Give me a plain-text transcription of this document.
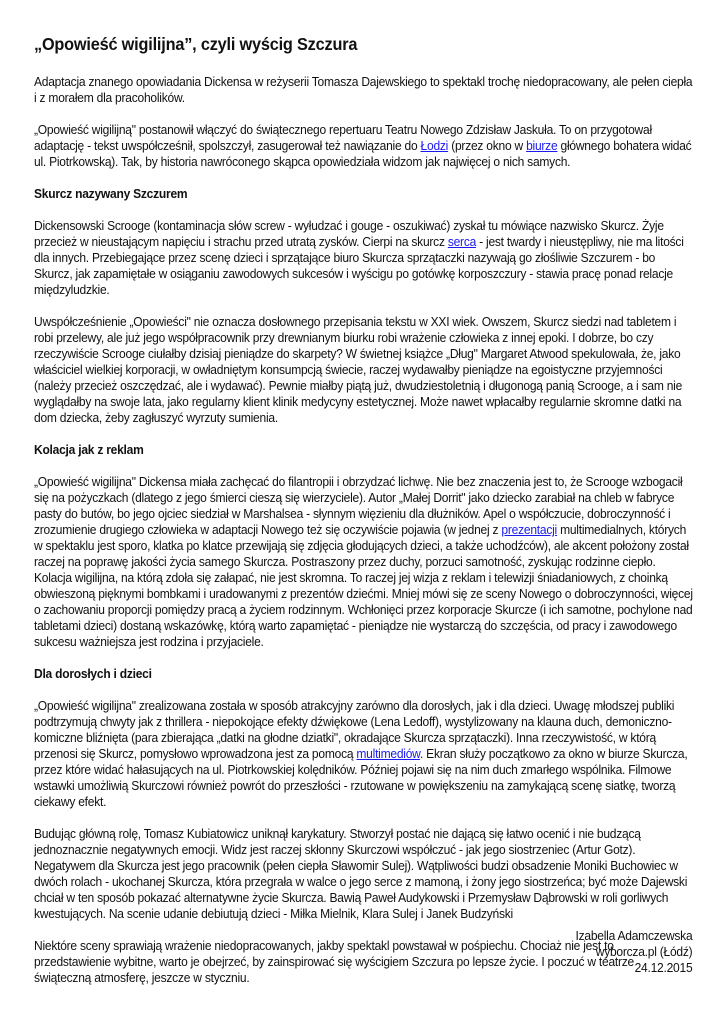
„Opowieść wigilijna”, czyli wyścig Szczura

Adaptacja znanego opowiadania Dickensa w reżyserii Tomasza Dajewskiego to spektakl trochę niedopracowany, ale pełen ciepła i z morałem dla pracoholików.

„Opowieść wigilijną" postanowił włączyć do świątecznego repertuaru Teatru Nowego Zdzisław Jaskuła. To on przygotował adaptację - tekst uwspółcześnił, spolszczył, zasugerował też nawiązanie do Łodzi (przez okno w biurze głównego bohatera widać ul. Piotrkowską). Tak, by historia nawróconego skąpca opowiedziała widzom jak najwięcej o nich samych.

Skurcz nazywany Szczurem

Dickensowski Scrooge (kontaminacja słów screw - wyłudzać i gouge - oszukiwać) zyskał tu mówiące nazwisko Skurcz. Żyje przecież w nieustającym napięciu i strachu przed utratą zysków. Cierpi na skurcz serca - jest twardy i nieustępliwy, nie ma litości dla innych. Przebiegające przez scenę dzieci i sprzątające biuro Skurcza sprzątaczki nazywają go złośliwie Szczurem - bo Skurcz, jak zapamiętałe w osiąganiu zawodowych sukcesów i wyścigu po gotówkę korposzczury - stawia pracę ponad relacje międzyludzkie.

Uwspółcześnienie „Opowieści" nie oznacza dosłownego przepisania tekstu w XXI wiek. Owszem, Skurcz siedzi nad tabletem i robi przelewy, ale już jego współpracownik przy drewnianym biurku robi wrażenie człowieka z innej epoki. I dobrze, bo czy rzeczywiście Scrooge ciułałby dzisiaj pieniądze do skarpety? W świetnej książce „Dług" Margaret Atwood spekulowała, że, jako właściciel wielkiej korporacji, w owładniętym konsumpcją świecie, raczej wydawałby pieniądze na egoistyczne przyjemności (należy przecież oszczędzać, ale i wydawać). Pewnie miałby piątą już, dwudziestoletnią i długonogą panią Scrooge, a i sam nie wyglądałby na swoje lata, jako regularny klient klinik medycyny estetycznej. Może nawet wpłacałby regularnie skromne datki na dom dziecka, żeby zagłuszyć wyrzuty sumienia.

Kolacja jak z reklam

„Opowieść wigilijna" Dickensa miała zachęcać do filantropii i obrzydzać lichwę. Nie bez znaczenia jest to, że Scrooge wzbogacił się na pożyczkach (dlatego z jego śmierci cieszą się wierzyciele). Autor „Małej Dorrit" jako dziecko zarabiał na chleb w fabryce pasty do butów, bo jego ojciec siedział w Marshalsea - słynnym więzieniu dla dłużników. Apel o współczucie, dobroczynność i zrozumienie drugiego człowieka w adaptacji Nowego też się oczywiście pojawia (w jednej z prezentacji multimedialnych, których w spektaklu jest sporo, klatka po klatce przewijają się zdjęcia głodujących dzieci, a także uchodźców), ale akcent położony został raczej na poprawę jakości życia samego Skurcza. Postraszony przez duchy, porzuci samotność, zyskując rodzinne ciepło. Kolacja wigilijna, na którą zdoła się załapać, nie jest skromna. To raczej jej wizja z reklam i telewizji śniadaniowych, z choinką obwieszoną pięknymi bombkami i uradowanymi z prezentów dziećmi. Mniej mówi się ze sceny Nowego o dobroczynności, więcej o zachowaniu proporcji pomiędzy pracą a życiem rodzinnym. Wchłonięci przez korporacje Skurcze (i ich samotne, pochylone nad tabletami dzieci) dostaną wskazówkę, którą warto zapamiętać - pieniądze nie wystarczą do szczęścia, od pracy i zawodowego sukcesu ważniejsza jest rodzina i przyjaciele.

Dla dorosłych i dzieci

„Opowieść wigilijna" zrealizowana została w sposób atrakcyjny zarówno dla dorosłych, jak i dla dzieci. Uwagę młodszej publiki podtrzymują chwyty jak z thrillera - niepokojące efekty dźwiękowe (Lena Ledoff), wystylizowany na klauna duch, demoniczno-komiczne bliźnięta (para zbierająca „datki na głodne dziatki", okradające Skurcza sprzątaczki). Inna rzeczywistość, w którą przenosi się Skurcz, pomysłowo wprowadzona jest za pomocą multimediów. Ekran służy początkowo za okno w biurze Skurcza, przez które widać hałasujących na ul. Piotrkowskiej kolędników. Później pojawi się na nim duch zmarłego wspólnika. Filmowe wstawki umożliwią Skurczowi również powrót do przeszłości - rzutowane w powiększeniu na zamykającą scenę siatkę, tworzą ciekawy efekt.

Budując główną rolę, Tomasz Kubiatowicz uniknął karykatury. Stworzył postać nie dającą się łatwo ocenić i nie budzącą jednoznacznie negatywnych emocji. Widz jest raczej skłonny Skurczowi współczuć - jak jego siostrzeniec (Artur Gotz). Negatywem dla Skurcza jest jego pracownik (pełen ciepła Sławomir Sulej). Wątpliwości budzi obsadzenie Moniki Buchowiec w dwóch rolach - ukochanej Skurcza, która przegrała w walce o jego serce z mamoną, i żony jego siostrzeńca; być może Dajewski chciał w ten sposób pokazać alternatywne życie Skurcza. Bawią Paweł Audykowski i Przemysław Dąbrowski w roli gorliwych kwestujących. Na scenie udanie debiutują dzieci - Miłka Mielnik, Klara Sulej i Janek Budzyński

Niektóre sceny sprawiają wrażenie niedopracowanych, jakby spektakl powstawał w pośpiechu. Chociaż nie jest to przedstawienie wybitne, warto je obejrzeć, by zainspirować się wyścigiem Szczura po lepsze życie. I poczuć w teatrze świąteczną atmosferę, jeszcze w styczniu.

Izabella Adamczewska
wyborcza.pl (Łódź)
24.12.2015
